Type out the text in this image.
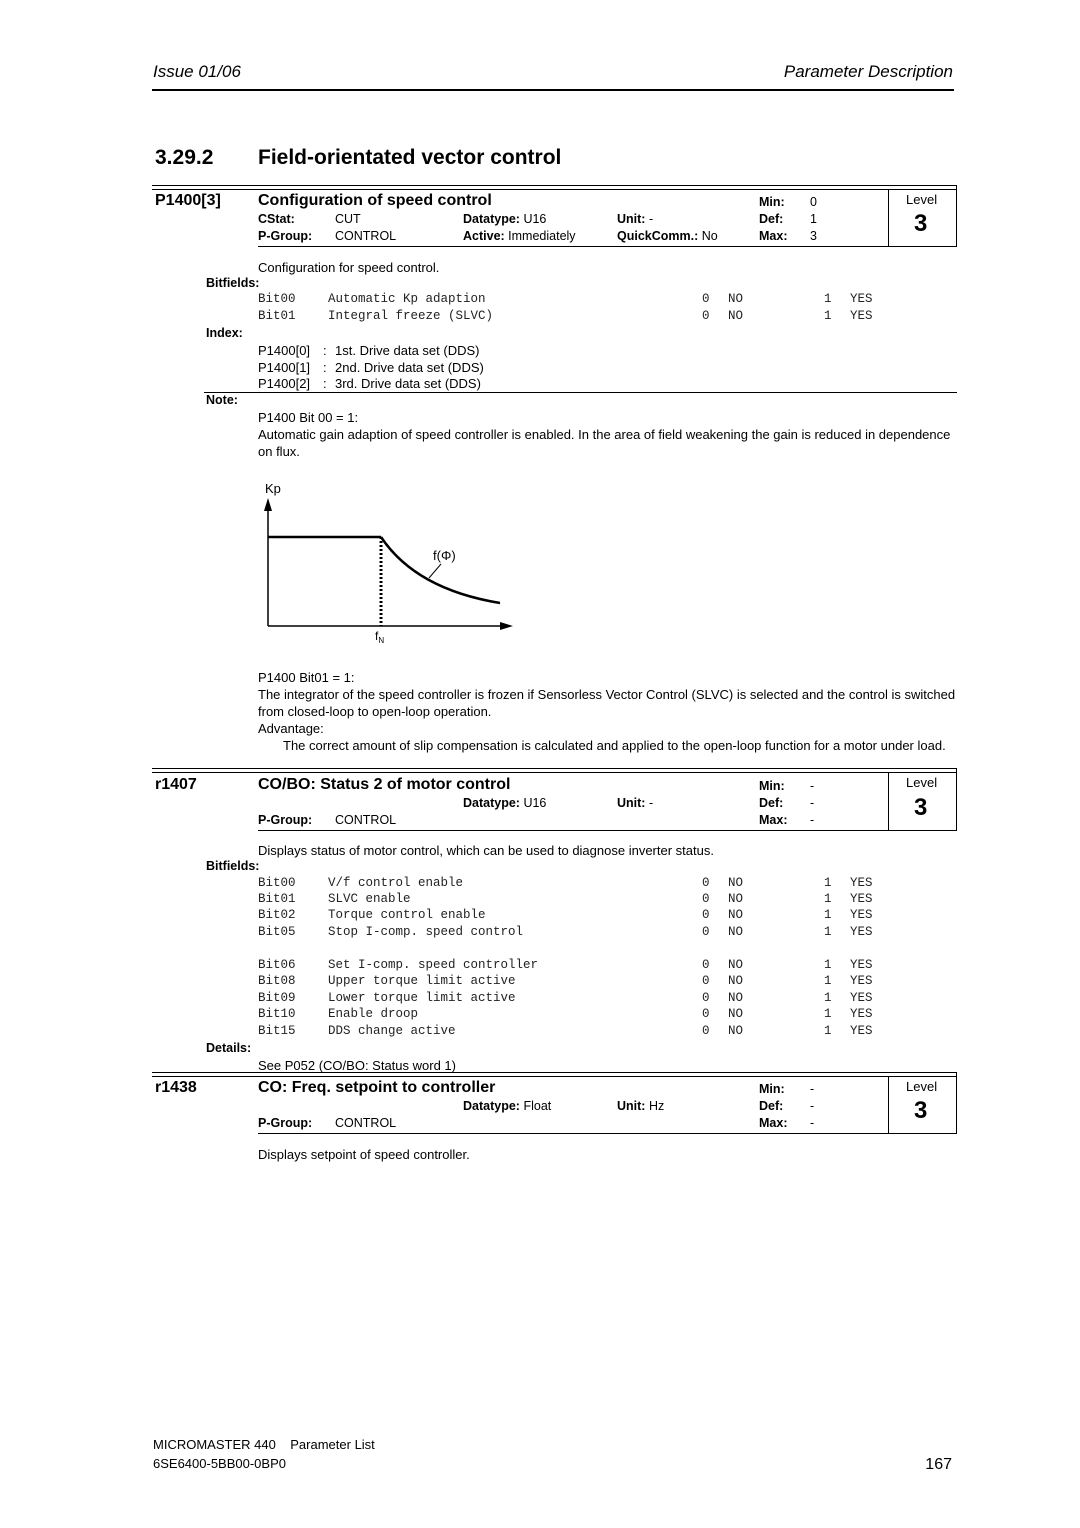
Issue 01/06	Parameter Description
3.29.2 Field-orientated vector control
P1400[3] Configuration of speed control
CStat:	CUT
P-Group: CONTROL
Datatype: U16
Active: Immediately
Unit: -
QuickComm.: No
Min: 0
Def: 1
Max: 3
Level
3
Configuration for speed control.
Bitfields:
Bit00	Automatic Kp adaption	0 NO	1 YES
Bit01	Integral freeze (SLVC)	0 NO	1 YES
Index:
P1400[0] : 1st. Drive data set (DDS)
P1400[1] : 2nd. Drive data set (DDS)
P1400[2] : 3rd. Drive data set (DDS)
Note:
P1400 Bit 00 = 1:
Automatic gain adaption of speed controller is enabled. In the area of field weakening the gain is reduced in dependence on flux.
Kp
f(Φ)
$f_N$
P1400 Bit01 = 1:
The integrator of the speed controller is frozen if Sensorless Vector Control (SLVC) is selected and the control is switched from closed-loop to open-loop operation.
Advantage:
The correct amount of slip compensation is calculated and applied to the open-loop function for a motor under load.
r1407	CO/BO: Status 2 of motor control
Datatype: U16	Unit: -
P-Group: CONTROL
Min: -
Def: -
Max: -
Level
3
Displays status of motor control, which can be used to diagnose inverter status.
Bitfields:
Bit00	V/f control enable	0 NO	1 YES
Bit01	SLVC enable	0 NO	1 YES
Bit02	Torque control enable	0 NO	1 YES
Bit05	Stop I-comp. speed control	0 NO	1 YES
Bit06	Set I-comp. speed controller	0 NO	1 YES
Bit08	Upper torque limit active	0 NO	1 YES
Bit09	Lower torque limit active	0 NO	1 YES
Bit10	Enable droop	0 NO	1 YES
Bit15	DDS change active	0 NO	1 YES
Details:
See P052 (CO/BO: Status word 1)
r1438	CO: Freq. setpoint to controller
Datatype: Float	Unit: Hz
P-Group: CONTROL
Min: -
Def: -
Max: -
Level
3
Displays setpoint of speed controller.
MICROMASTER 440 Parameter List
6SE6400-5BB00-0BP0	167
